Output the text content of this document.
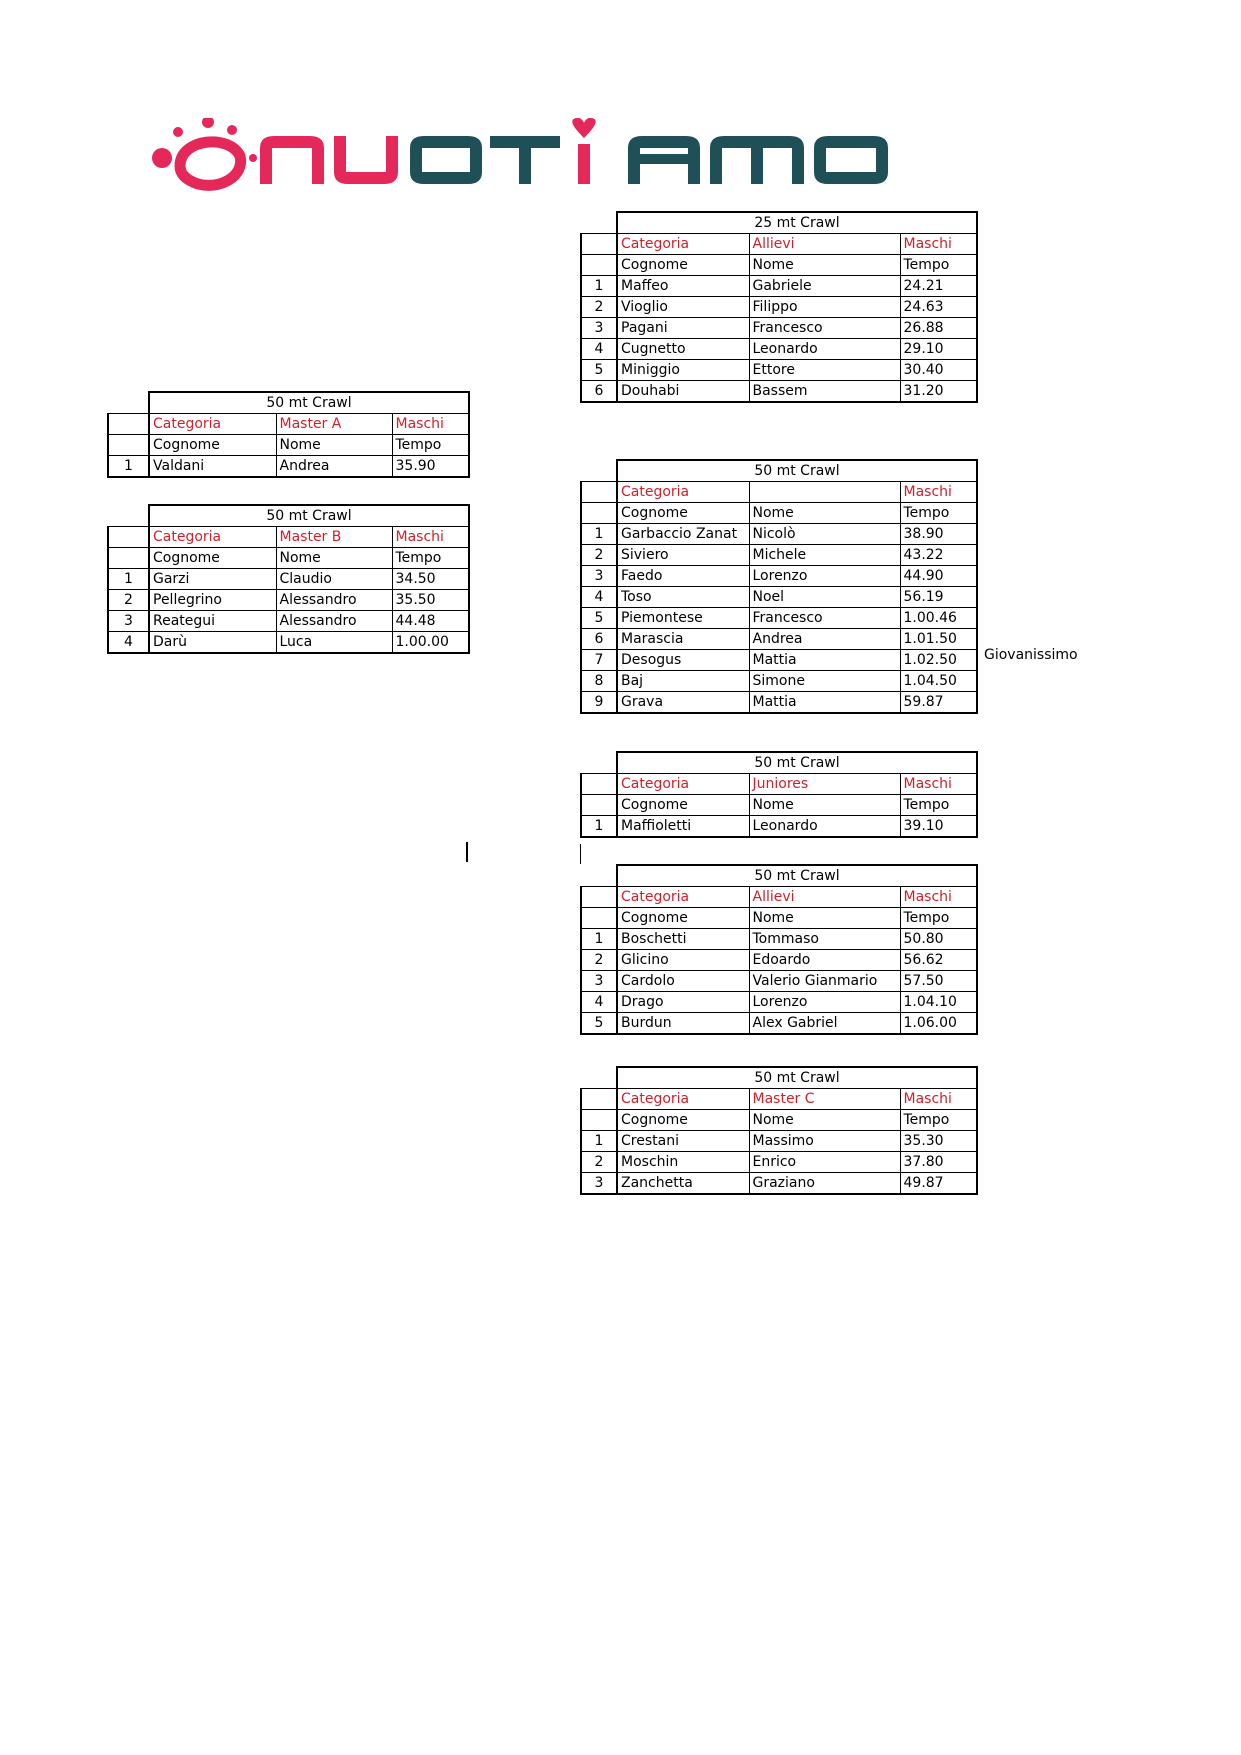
Giovanissimo
	25 mt Crawl		
	Categoria	Allievi	Maschi
	Cognome	Nome	Tempo
1	Maffeo	Gabriele	24.21
2	Vioglio	Filippo	24.63
3	Pagani	Francesco	26.88
4	Cugnetto	Leonardo	29.10
5	Miniggio	Ettore	30.40
6	Douhabi	Bassem	31.20
	50 mt Crawl		
	Categoria	Master A	Maschi
	Cognome	Nome	Tempo
1	Valdani	Andrea	35.90
	50 mt Crawl		
	Categoria	Master B	Maschi
	Cognome	Nome	Tempo
1	Garzi	Claudio	34.50
2	Pellegrino	Alessandro	35.50
3	Reategui	Alessandro	44.48
4	Darù	Luca	1.00.00
	50 mt Crawl		
	Categoria		Maschi
	Cognome	Nome	Tempo
1	Garbaccio Zanat	Nicolò	38.90
2	Siviero	Michele	43.22
3	Faedo	Lorenzo	44.90
4	Toso	Noel	56.19
5	Piemontese	Francesco	1.00.46
6	Marascia	Andrea	1.01.50
7	Desogus	Mattia	1.02.50
8	Baj	Simone	1.04.50
9	Grava	Mattia	59.87
	50 mt Crawl		
	Categoria	Juniores	Maschi
	Cognome	Nome	Tempo
1	Maffioletti	Leonardo	39.10
	50 mt Crawl		
	Categoria	Allievi	Maschi
	Cognome	Nome	Tempo
1	Boschetti	Tommaso	50.80
2	Glicino	Edoardo	56.62
3	Cardolo	Valerio Gianmario	57.50
4	Drago	Lorenzo	1.04.10
5	Burdun	Alex Gabriel	1.06.00
	50 mt Crawl		
	Categoria	Master C	Maschi
	Cognome	Nome	Tempo
1	Crestani	Massimo	35.30
2	Moschin	Enrico	37.80
3	Zanchetta	Graziano	49.87
